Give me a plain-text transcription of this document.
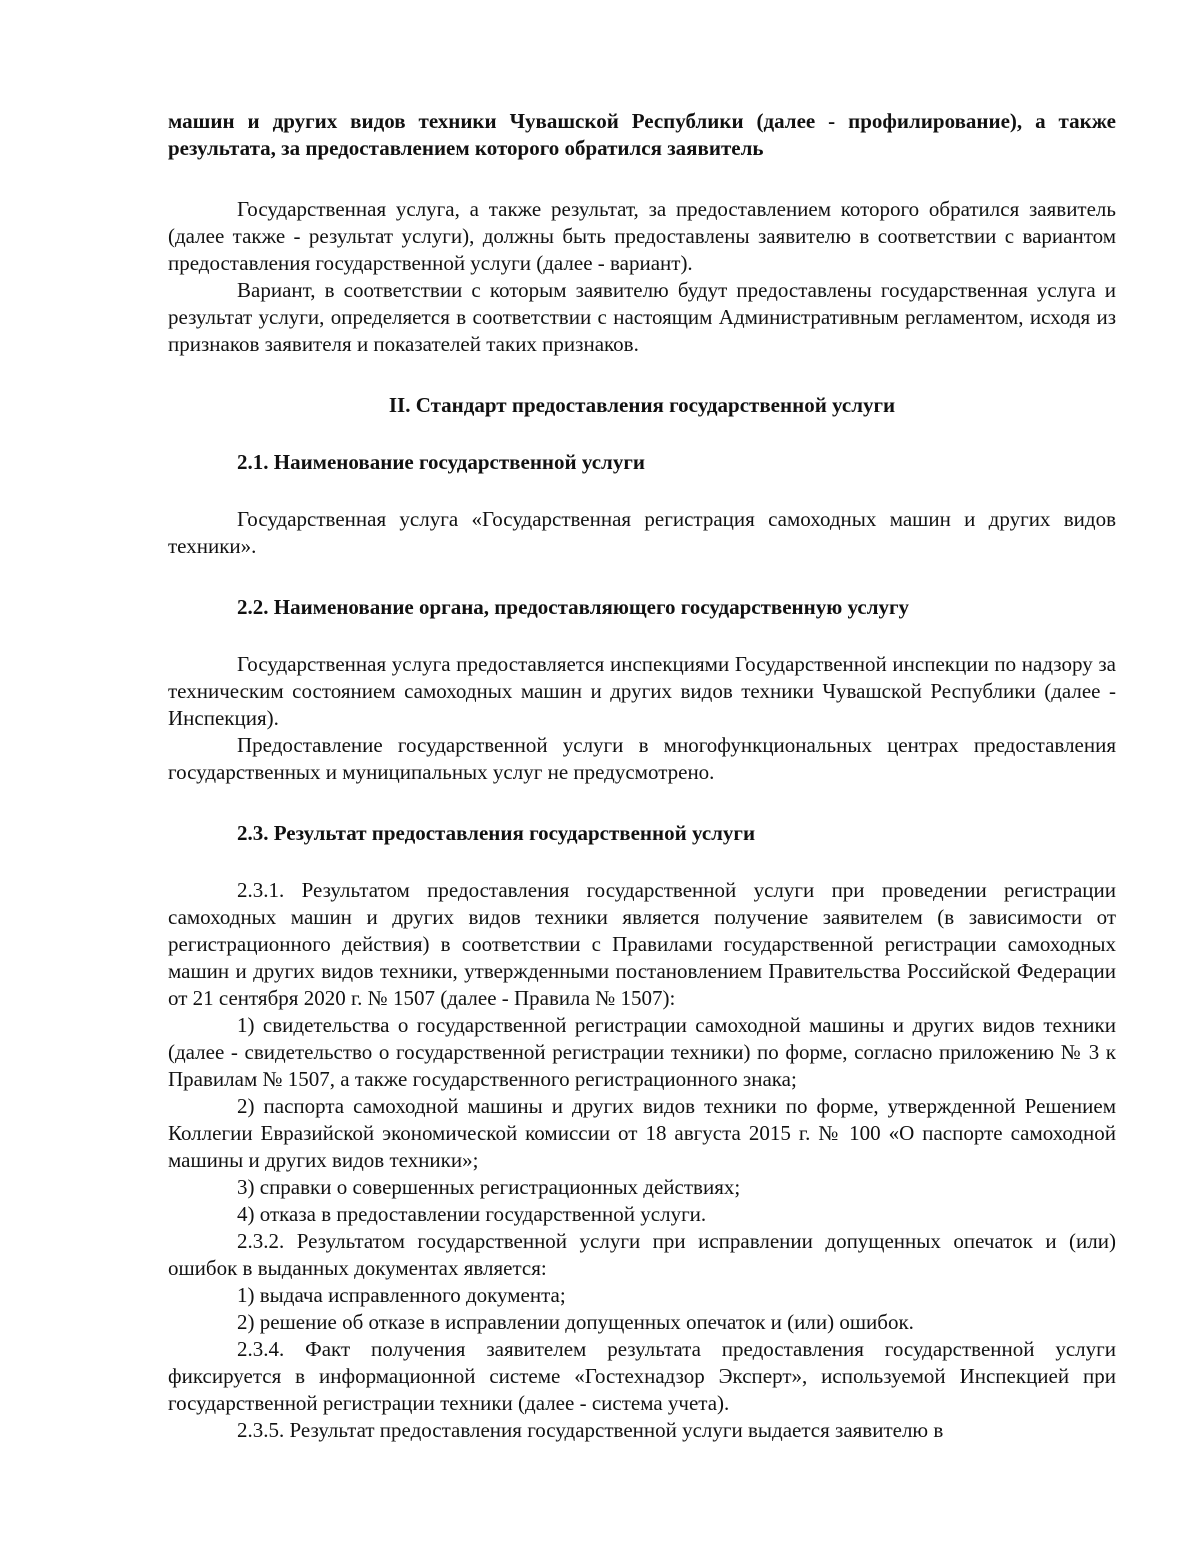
машин и других видов техники Чувашской Республики (далее - профилирование), а также результата, за предоставлением которого обратился заявитель

Государственная услуга, а также результат, за предоставлением которого обратился заявитель (далее также - результат услуги), должны быть предоставлены заявителю в соответствии с вариантом предоставления государственной услуги (далее - вариант).

Вариант, в соответствии с которым заявителю будут предоставлены государственная услуга и результат услуги, определяется в соответствии с настоящим Административным регламентом, исходя из признаков заявителя и показателей таких признаков.

II. Стандарт предоставления государственной услуги
2.1. Наименование государственной услуги

Государственная услуга «Государственная регистрация самоходных машин и других видов техники».

2.2. Наименование органа, предоставляющего государственную услугу

Государственная услуга предоставляется инспекциями Государственной инспекции по надзору за техническим состоянием самоходных машин и других видов техники Чувашской Республики (далее - Инспекция).

Предоставление государственной услуги в многофункциональных центрах предоставления государственных и муниципальных услуг не предусмотрено.

2.3. Результат предоставления государственной услуги

2.3.1. Результатом предоставления государственной услуги при проведении регистрации самоходных машин и других видов техники является получение заявителем (в зависимости от регистрационного действия) в соответствии с Правилами государственной регистрации самоходных машин и других видов техники, утвержденными постановлением Правительства Российской Федерации от 21 сентября 2020 г. № 1507 (далее - Правила № 1507):

1) свидетельства о государственной регистрации самоходной машины и других видов техники (далее - свидетельство о государственной регистрации техники) по форме, согласно приложению № 3 к Правилам № 1507, а также государственного регистрационного знака;

2) паспорта самоходной машины и других видов техники по форме, утвержденной Решением Коллегии Евразийской экономической комиссии от 18 августа 2015 г. № 100 «О паспорте самоходной машины и других видов техники»;

3) справки о совершенных регистрационных действиях;

4) отказа в предоставлении государственной услуги.

2.3.2. Результатом государственной услуги при исправлении допущенных опечаток и (или) ошибок в выданных документах является:

1) выдача исправленного документа;

2) решение об отказе в исправлении допущенных опечаток и (или) ошибок.

2.3.4. Факт получения заявителем результата предоставления государственной услуги фиксируется в информационной системе «Гостехнадзор Эксперт», используемой Инспекцией при государственной регистрации техники (далее - система учета).

2.3.5. Результат предоставления государственной услуги выдается заявителю в
